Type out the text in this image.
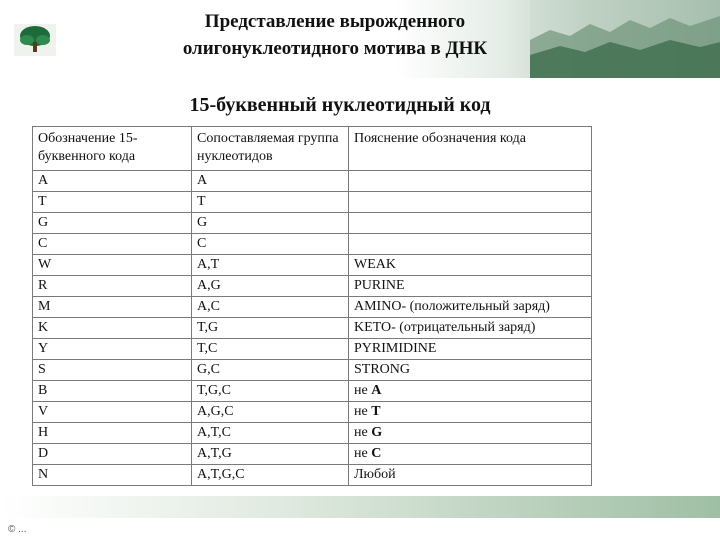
Представление вырожденного
олигонуклеотидного мотива в ДНК
15-буквенный нуклеотидный код
Обозначение 15-буквенного кода	Сопоставляемая группа нуклеотидов	Пояснение обозначения кода
A	A	
T	T	
G	G	
C	C	
W	A,T	WEAK
R	A,G	PURINE
M	A,C	AMINO- (положительный заряд)
K	T,G	KETO- (отрицательный заряд)
Y	T,C	PYRIMIDINE
S	G,C	STRONG
B	T,G,C	не A
V	A,G,C	не T
H	A,T,C	не G
D	A,T,G	не C
N	A,T,G,C	Любой
© ...
